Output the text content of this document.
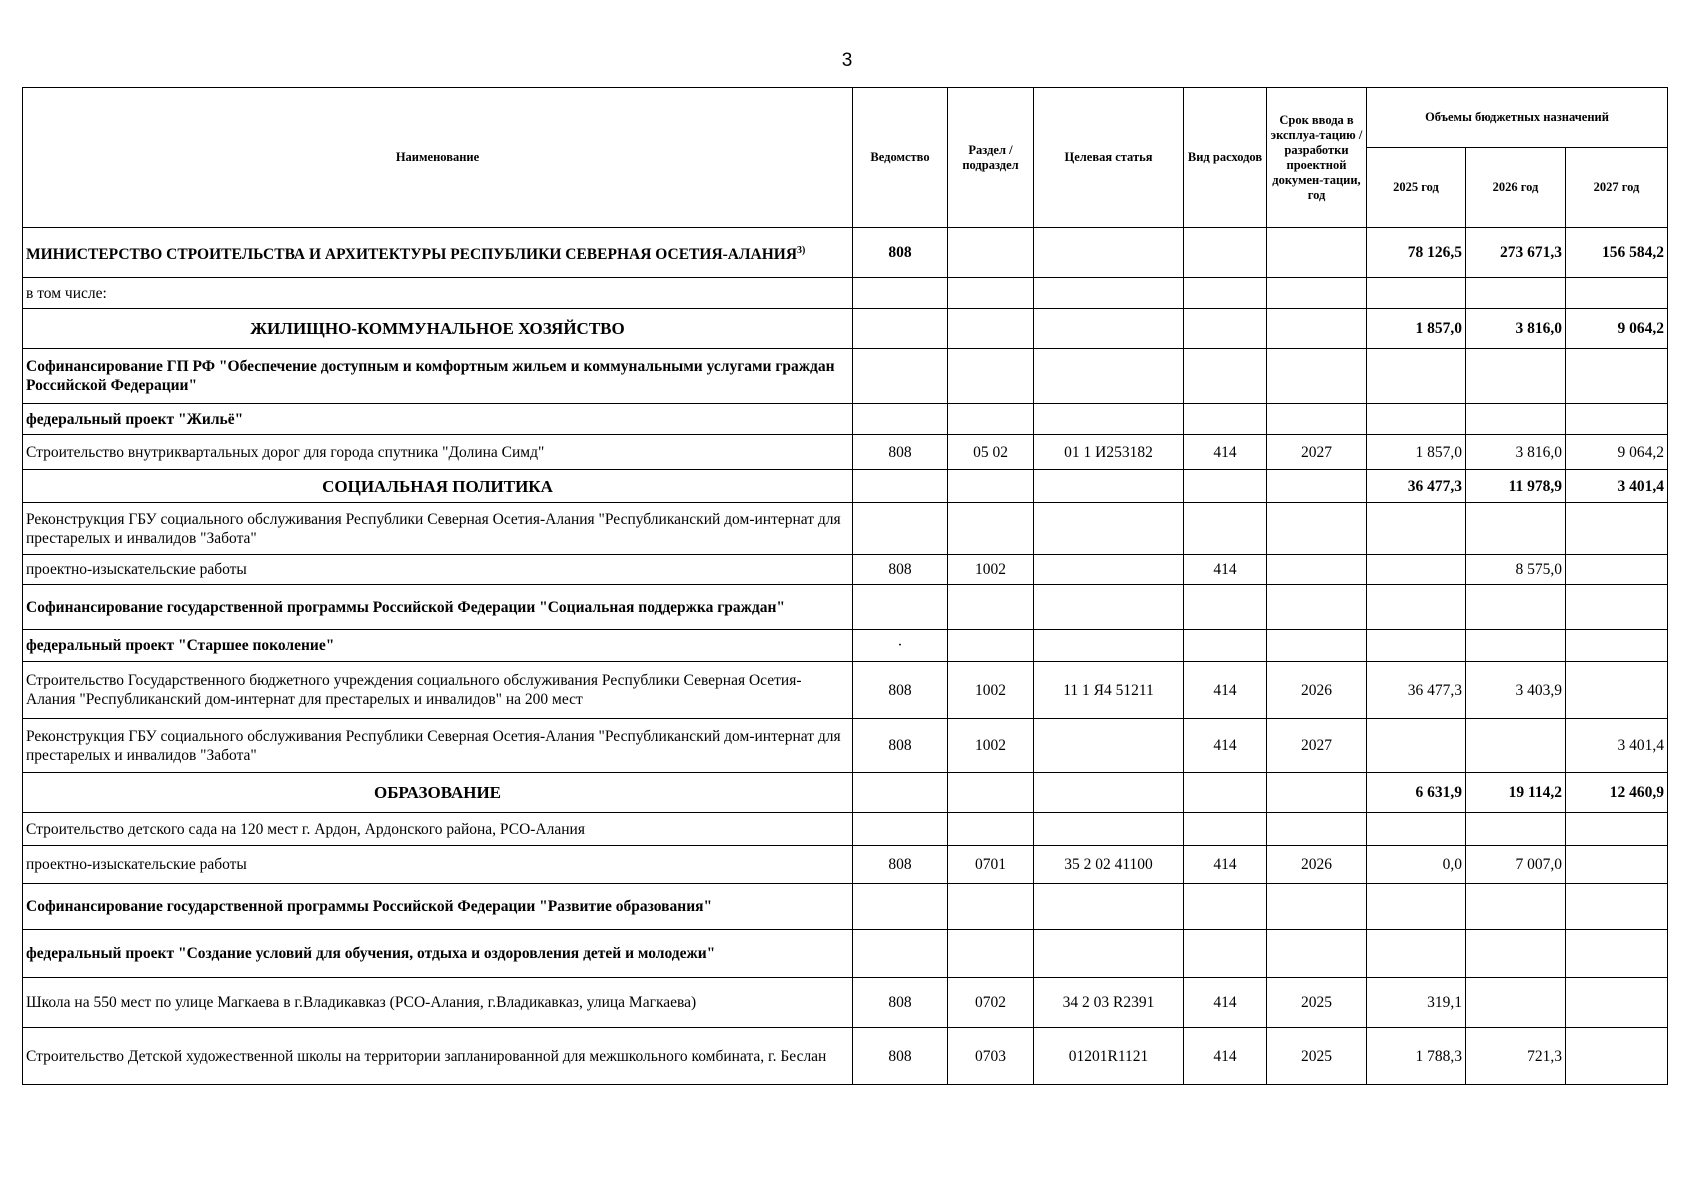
3
Наименование	Ведомство	Раздел / подраздел	Целевая статья	Вид расходов	Срок ввода в эксплуа-тацию / разработки проектной докумен-тации, год	Объемы бюджетных назначений		
						2025 год	2026 год	2027 год
МИНИСТЕРСТВО СТРОИТЕЛЬСТВА И АРХИТЕКТУРЫ РЕСПУБЛИКИ СЕВЕРНАЯ ОСЕТИЯ-АЛАНИЯ$^{3)}$	808					78 126,5	273 671,3	156 584,2
в том числе:								
ЖИЛИЩНО-КОММУНАЛЬНОЕ ХОЗЯЙСТВО						1 857,0	3 816,0	9 064,2
Софинансирование ГП РФ "Обеспечение доступным и комфортным жильем и коммунальными услугами граждан Российской Федерации"								
федеральный проект "Жильё"								
Строительство внутриквартальных дорог для города спутника "Долина Симд"	808	05 02	01 1 И253182	414	2027	1 857,0	3 816,0	9 064,2
СОЦИАЛЬНАЯ ПОЛИТИКА						36 477,3	11 978,9	3 401,4
Реконструкция ГБУ социального обслуживания Республики Северная Осетия-Алания "Республиканский дом-интернат для престарелых и инвалидов "Забота"								
проектно-изыскательские работы	808	1002		414			8 575,0	
Софинансирование государственной программы Российской Федерации "Социальная поддержка граждан"								
федеральный проект "Старшее поколение"	·							
Строительство Государственного бюджетного учреждения социального обслуживания Республики Северная Осетия-Алания "Республиканский дом-интернат для престарелых и инвалидов" на 200 мест	808	1002	11 1 Я4 51211	414	2026	36 477,3	3 403,9	
Реконструкция ГБУ социального обслуживания Республики Северная Осетия-Алания "Республиканский дом-интернат для престарелых и инвалидов "Забота"	808	1002		414	2027			3 401,4
ОБРАЗОВАНИЕ						6 631,9	19 114,2	12 460,9
Строительство детского сада на 120 мест г. Ардон, Ардонского района, РСО-Алания								
проектно-изыскательские работы	808	0701	35 2 02 41100	414	2026	0,0	7 007,0	
Софинансирование государственной программы Российской Федерации "Развитие образования"								
федеральный проект "Создание условий для обучения, отдыха и оздоровления детей и молодежи"								
Школа на 550 мест по улице Магкаева в г.Владикавказ (РСО-Алания, г.Владикавказ, улица Магкаева)	808	0702	34 2 03 R2391	414	2025	319,1		
Строительство Детской художественной школы на территории запланированной для межшкольного комбината, г. Беслан	808	0703	01201R1121	414	2025	1 788,3	721,3	
